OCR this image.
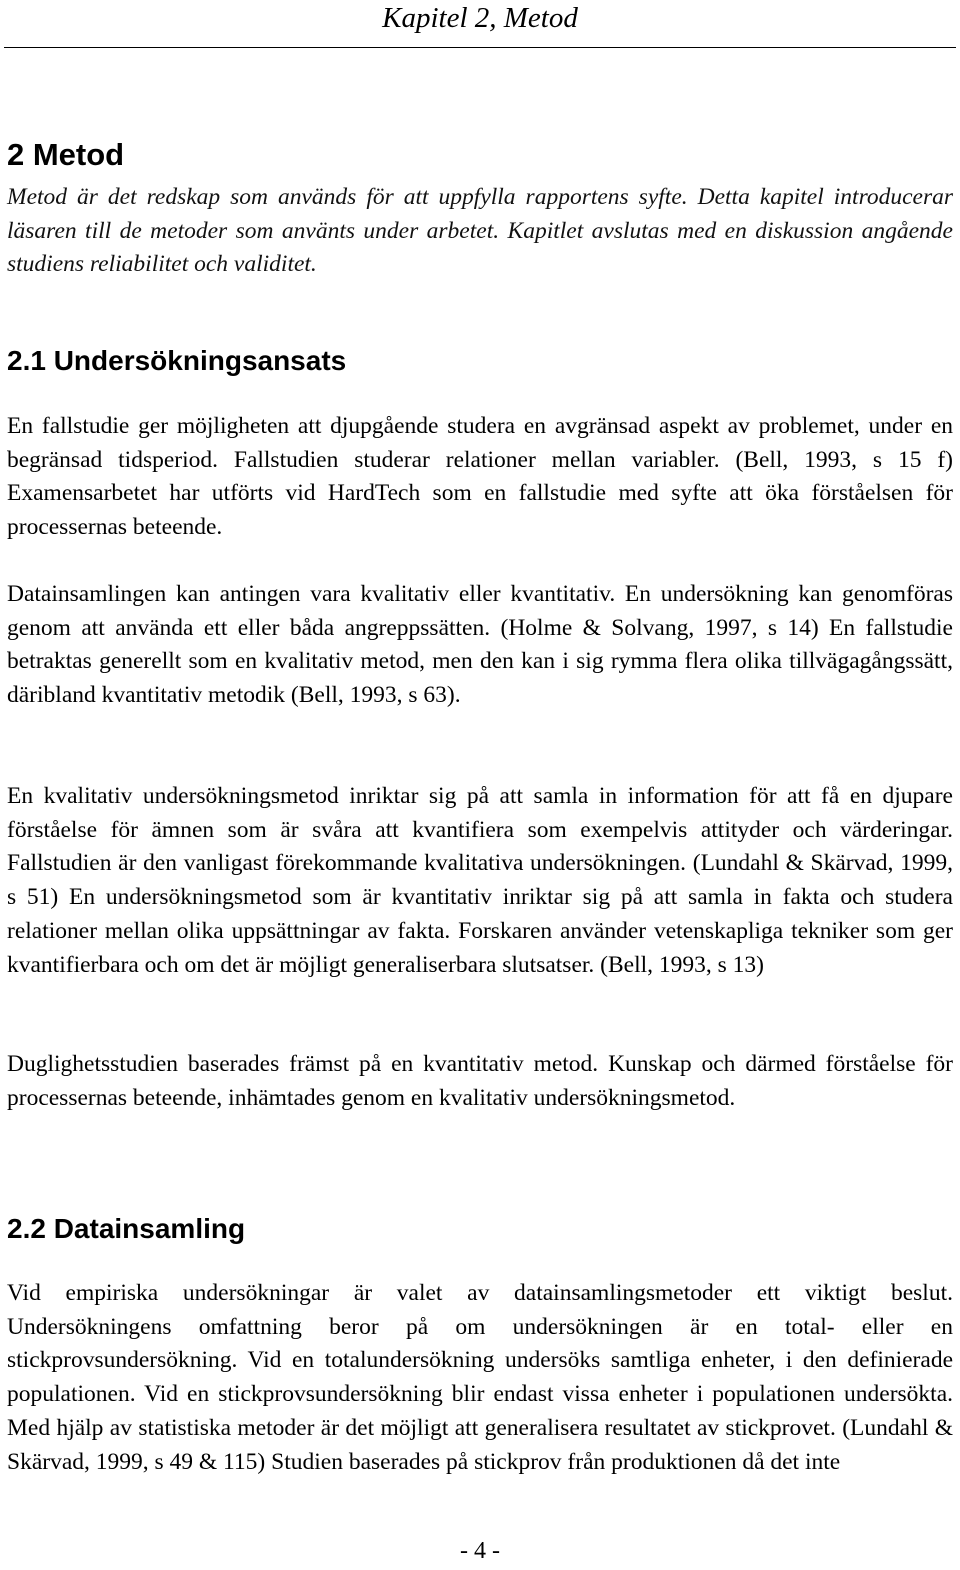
Kapitel 2, Metod
2 Metod

Metod är det redskap som används för att uppfylla rapportens syfte. Detta kapitel introducerar läsaren till de metoder som använts under arbetet. Kapitlet avslutas med en diskussion angående studiens reliabilitet och validitet.

2.1 Undersökningsansats

En fallstudie ger möjligheten att djupgående studera en avgränsad aspekt av problemet, under en begränsad tidsperiod. Fallstudien studerar relationer mellan variabler. (Bell, 1993, s 15 f) Examensarbetet har utförts vid HardTech som en fallstudie med syfte att öka förståelsen för processernas beteende.

Datainsamlingen kan antingen vara kvalitativ eller kvantitativ. En undersökning kan genomföras genom att använda ett eller båda angreppssätten. (Holme & Solvang, 1997, s 14) En fallstudie betraktas generellt som en kvalitativ metod, men den kan i sig rymma flera olika tillvägagångssätt, däribland kvantitativ metodik (Bell, 1993, s 63).

En kvalitativ undersökningsmetod inriktar sig på att samla in information för att få en djupare förståelse för ämnen som är svåra att kvantifiera som exempelvis attityder och värderingar. Fallstudien är den vanligast förekommande kvalitativa undersökningen. (Lundahl & Skärvad, 1999, s 51) En undersökningsmetod som är kvantitativ inriktar sig på att samla in fakta och studera relationer mellan olika uppsättningar av fakta. Forskaren använder vetenskapliga tekniker som ger kvantifierbara och om det är möjligt generaliserbara slutsatser. (Bell, 1993, s 13)

Duglighetsstudien baserades främst på en kvantitativ metod. Kunskap och därmed förståelse för processernas beteende, inhämtades genom en kvalitativ undersökningsmetod.

2.2 Datainsamling

Vid empiriska undersökningar är valet av datainsamlingsmetoder ett viktigt beslut. Undersökningens omfattning beror på om undersökningen är en total- eller en stickprovsundersökning. Vid en totalundersökning undersöks samtliga enheter, i den definierade populationen. Vid en stickprovsundersökning blir endast vissa enheter i populationen undersökta. Med hjälp av statistiska metoder är det möjligt att generalisera resultatet av stickprovet. (Lundahl & Skärvad, 1999, s 49 & 115) Studien baserades på stickprov från produktionen då det inte

- 4 -
